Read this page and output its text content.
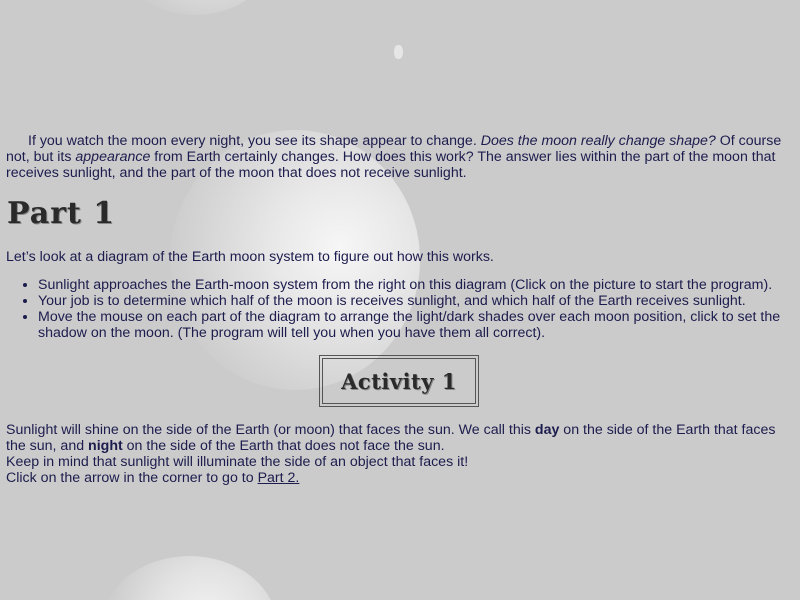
If you watch the moon every night, you see its shape appear to change. Does the moon really change shape? Of course not, but its appearance from Earth certainly changes. How does this work? The answer lies within the part of the moon that receives sunlight, and the part of the moon that does not receive sunlight.

Part 1

Let’s look at a diagram of the Earth moon system to figure out how this works.

• Sunlight approaches the Earth-moon system from the right on this diagram (Click on the picture to start the program).
• Your job is to determine which half of the moon is receives sunlight, and which half of the Earth receives sunlight.
• Move the mouse on each part of the diagram to arrange the light/dark shades over each moon position, click to set the shadow on the moon. (The program will tell you when you have them all correct).
Activity 1

Sunlight will shine on the side of the Earth (or moon) that faces the sun. We call this day on the side of the Earth that faces the sun, and night on the side of the Earth that does not face the sun.

Keep in mind that sunlight will illuminate the side of an object that faces it!

Click on the arrow in the corner to go to Part 2.
